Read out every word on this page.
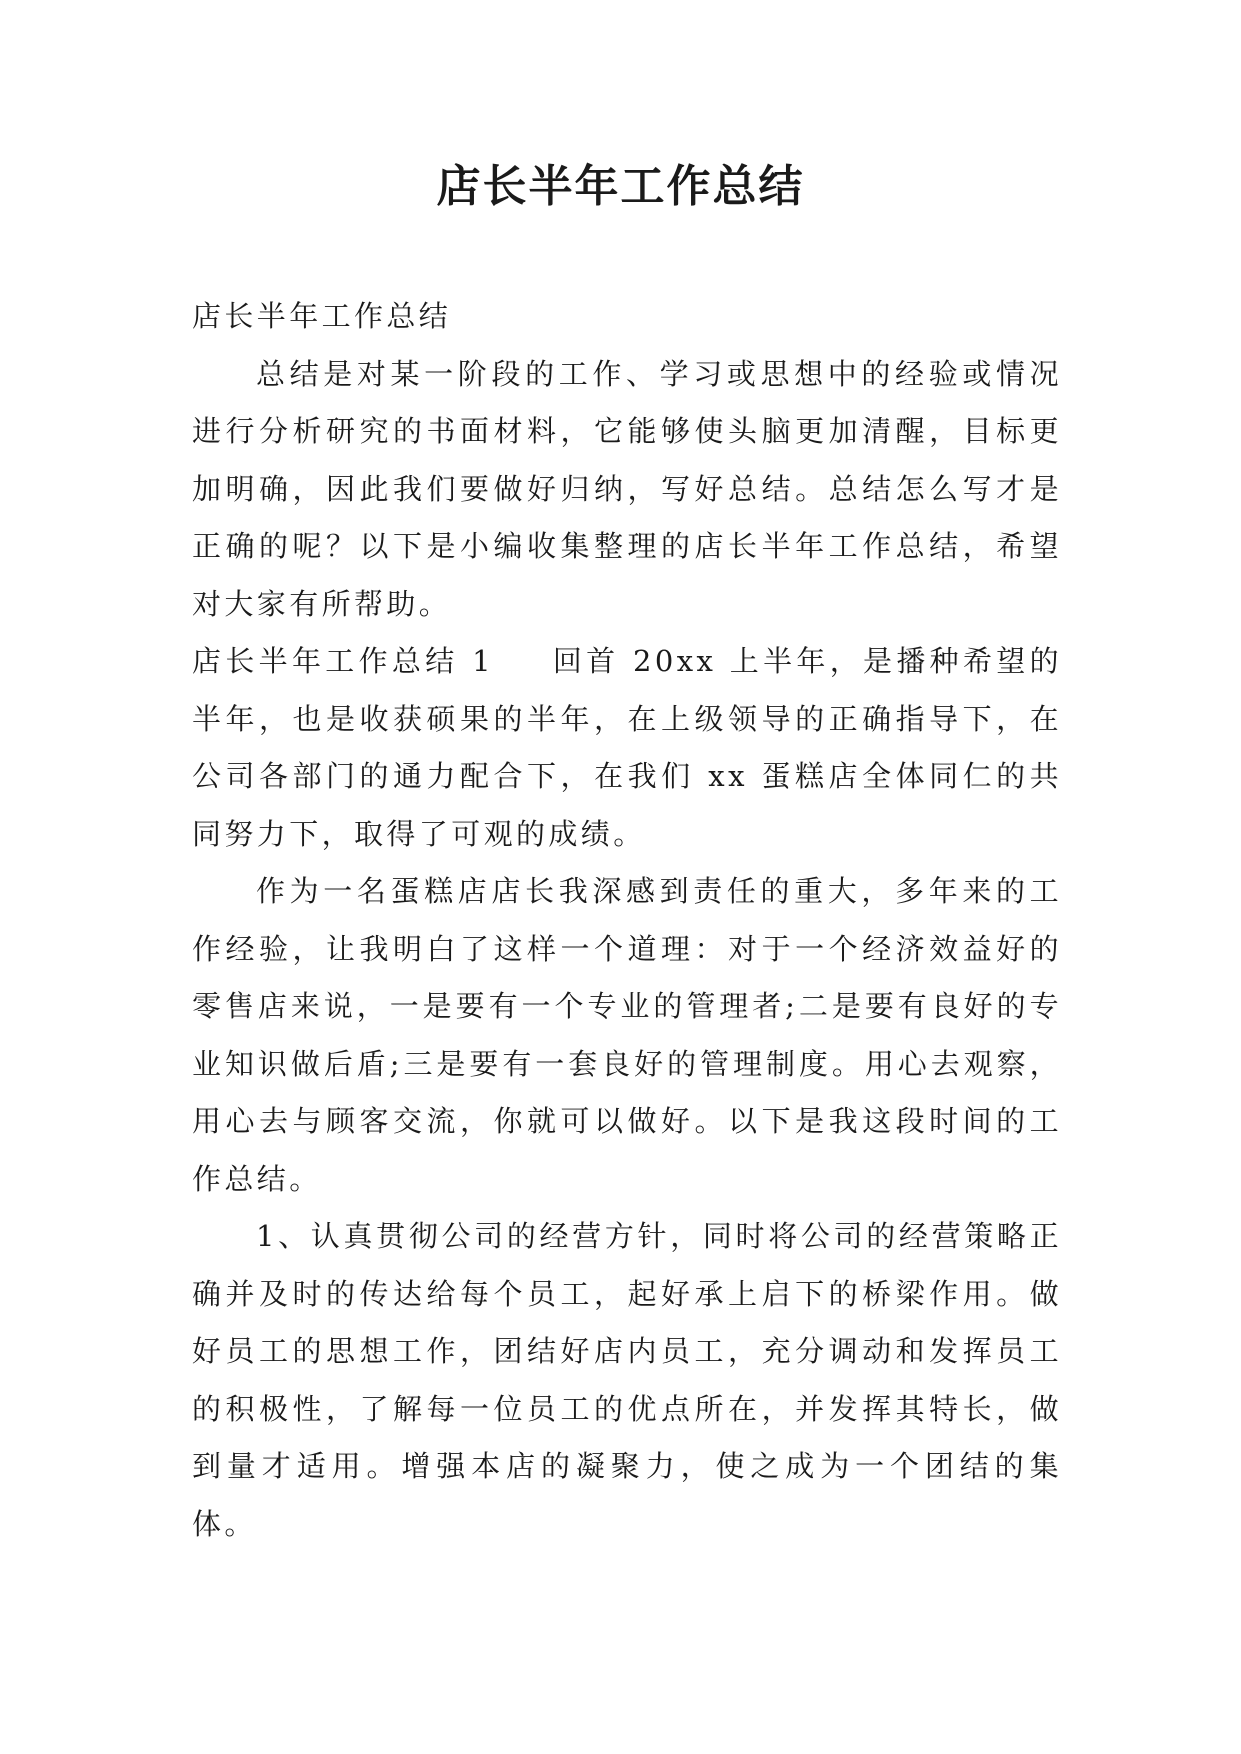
店长半年工作总结

店长半年工作总结

总结是对某一阶段的工作、学习或思想中的经验或情况进行分析研究的书面材料，它能够使头脑更加清醒，目标更加明确，因此我们要做好归纳，写好总结。总结怎么写才是正确的呢？以下是小编收集整理的店长半年工作总结，希望对大家有所帮助。

店长半年工作总结 1 回首 20xx 上半年，是播种希望的半年，也是收获硕果的半年，在上级领导的正确指导下，在公司各部门的通力配合下，在我们 xx 蛋糕店全体同仁的共同努力下，取得了可观的成绩。

作为一名蛋糕店店长我深感到责任的重大，多年来的工作经验，让我明白了这样一个道理：对于一个经济效益好的零售店来说，一是要有一个专业的管理者;二是要有良好的专业知识做后盾;三是要有一套良好的管理制度。用心去观察，用心去与顾客交流，你就可以做好。以下是我这段时间的工作总结。

1、认真贯彻公司的经营方针，同时将公司的经营策略正确并及时的传达给每个员工，起好承上启下的桥梁作用。做好员工的思想工作，团结好店内员工，充分调动和发挥员工的积极性，了解每一位员工的优点所在，并发挥其特长，做到量才适用。增强本店的凝聚力，使之成为一个团结的集体。
